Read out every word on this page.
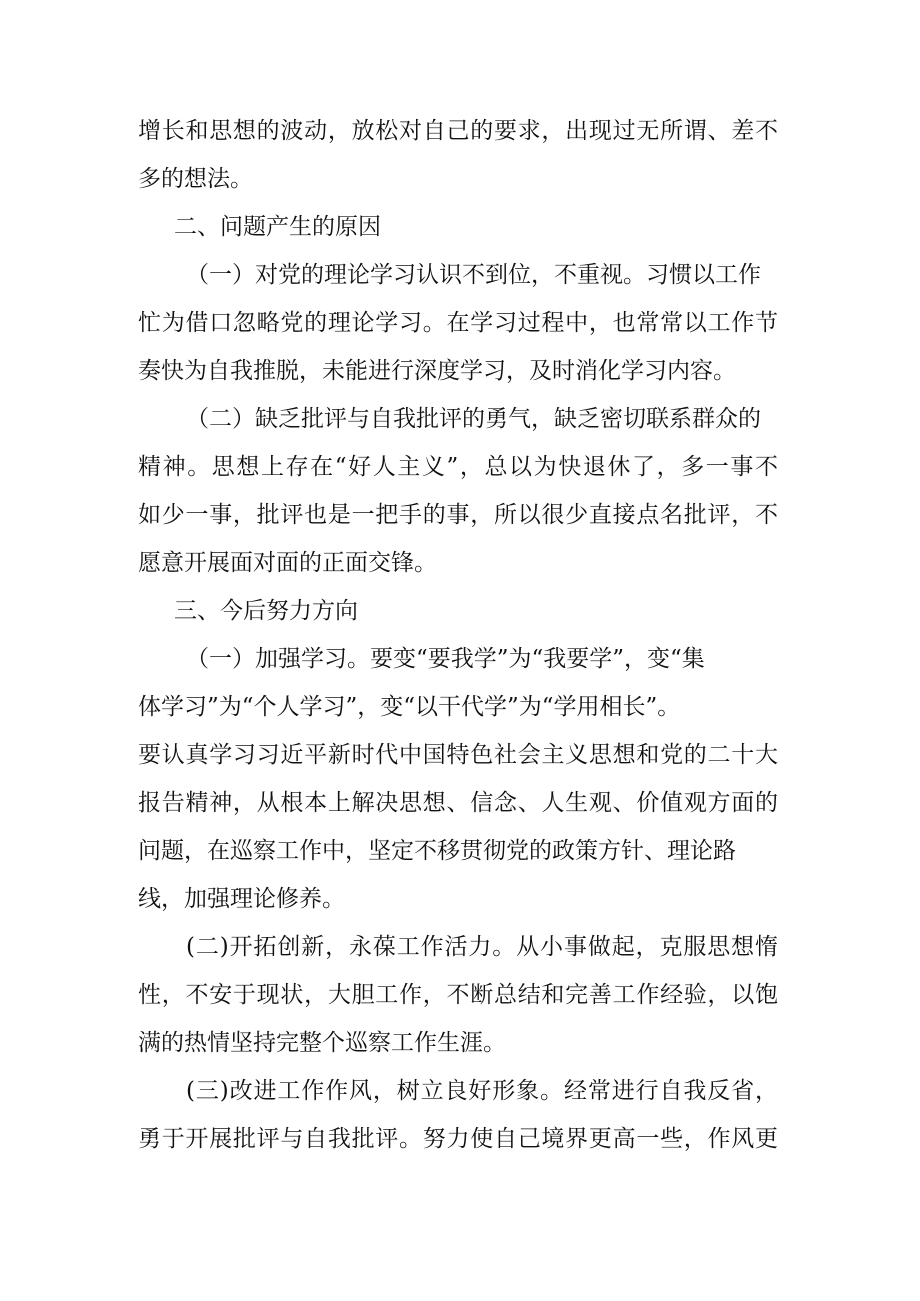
增长和思想的波动，放松对自己的要求，出现过无所谓、差不

多的想法。

二、问题产生的原因

（一）对党的理论学习认识不到位，不重视。习惯以工作

忙为借口忽略党的理论学习。在学习过程中，也常常以工作节

奏快为自我推脱，未能进行深度学习，及时消化学习内容。

（二）缺乏批评与自我批评的勇气，缺乏密切联系群众的

精神。思想上存在“好人主义”，总以为快退休了，多一事不

如少一事，批评也是一把手的事，所以很少直接点名批评，不

愿意开展面对面的正面交锋。

三、今后努力方向

（一）加强学习。要变“要我学”为“我要学”，变“集

体学习”为“个人学习”，变“以干代学”为“学用相长”。

要认真学习习近平新时代中国特色社会主义思想和党的二十大

报告精神，从根本上解决思想、信念、人生观、价值观方面的

问题，在巡察工作中，坚定不移贯彻党的政策方针、理论路

线，加强理论修养。

(二)开拓创新，永葆工作活力。从小事做起，克服思想惰

性，不安于现状，大胆工作，不断总结和完善工作经验，以饱

满的热情坚持完整个巡察工作生涯。

(三)改进工作作风，树立良好形象。经常进行自我反省，

勇于开展批评与自我批评。努力使自己境界更高一些，作风更
